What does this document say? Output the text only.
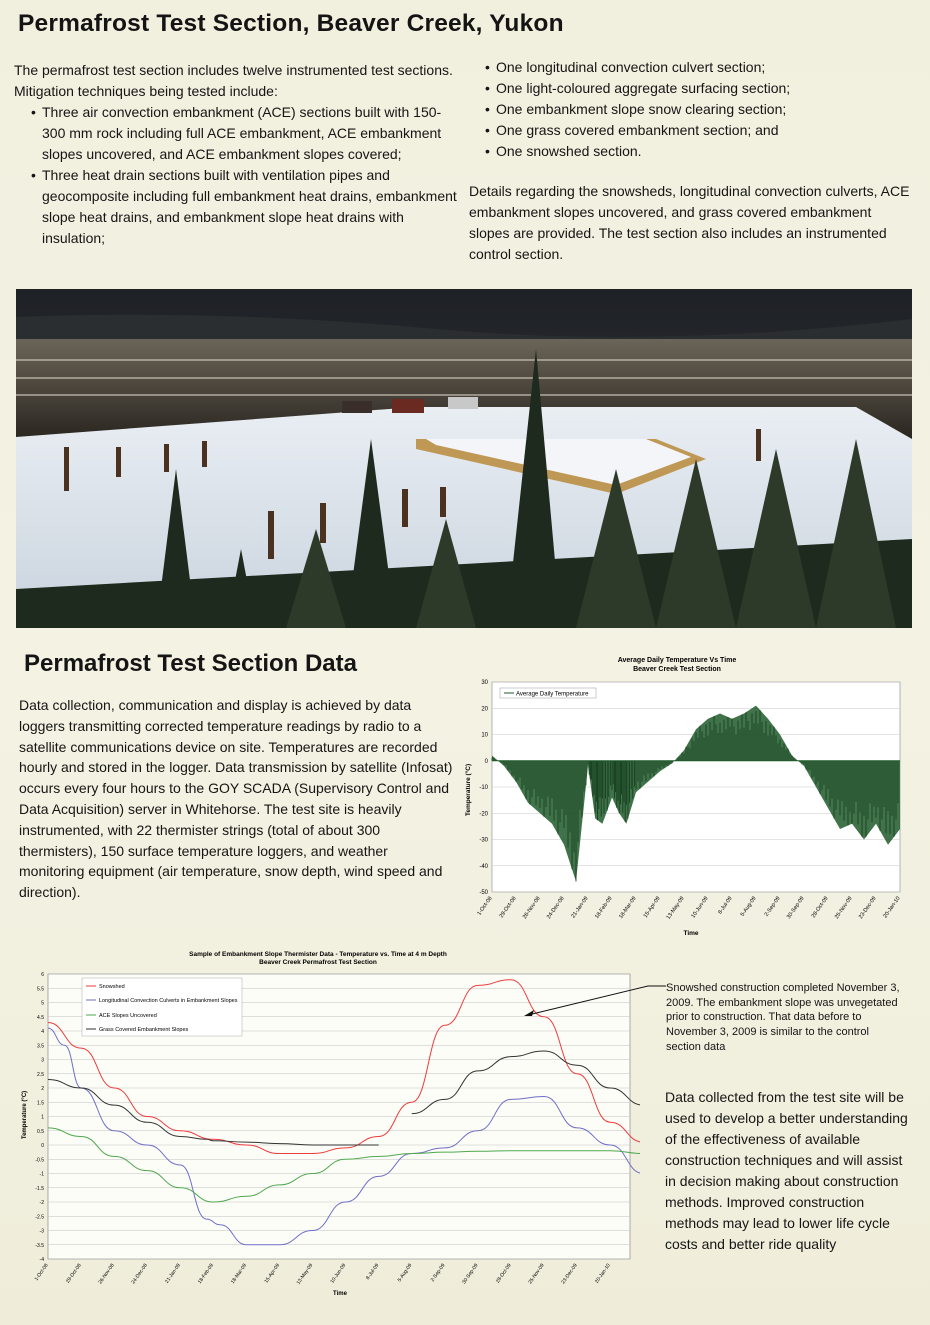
Permafrost Test Section, Beaver Creek, Yukon
The permafrost test section includes twelve instrumented test sections. Mitigation techniques being tested include:
• Three air convection embankment (ACE) sections built with 150-300 mm rock including full ACE embankment, ACE embankment slopes uncovered, and ACE embankment slopes covered;
• Three heat drain sections built with ventilation pipes and geocomposite including full embankment heat drains, embankment slope heat drains, and embankment slope heat drains with insulation;
• One longitudinal convection culvert section;
• One light-coloured aggregate surfacing section;
• One embankment slope snow clearing section;
• One grass covered embankment section; and
• One snowshed section.

Details regarding the snowsheds, longitudinal convection culverts, ACE embankment slopes uncovered, and grass covered embankment slopes are provided. The test section also includes an instrumented control section.

Permafrost Test Section Data

Data collection, communication and display is achieved by data loggers transmitting corrected temperature readings by radio to a satellite communications device on site. Temperatures are recorded hourly and stored in the logger. Data transmission by satellite (Infosat) occurs every four hours to the GOY SCADA (Supervisory Control and Data Acquisition) server in Whitehorse. The test site is heavily instrumented, with 22 thermister strings (total of about 300 thermisters), 150 surface temperature loggers, and weather monitoring equipment (air temperature, snow depth, wind speed and direction).

Average Daily Temperature Vs Time
Beaver Creek Test Section
30
20
10
0
-10
-20
-30
-40
-50
1-Oct-08 29-Oct-08 26-Nov-08 24-Dec-08 21-Jan-09 18-Feb-09 18-Mar-09 15-Apr-09 13-May-09 10-Jun-09 8-Jul-09 5-Aug-09 2-Sep-09 30-Sep-09 28-Oct-09 25-Nov-09 23-Dec-09 20-Jan-10
Average Daily Temperature
Temperature (°C)
Time
Sample of Embankment Slope Thermister Data - Temperature vs. Time at 4 m Depth
Beaver Creek Permafrost Test Section
6
5.5
5
4.5
4
3.5
3
2.5
2
1.5
1
0.5
0
-0.5
-1
-1.5
-2
-2.5
-3
-3.5
-4
1-Oct-08	29-Oct-08	26-Nov-08	24-Dec-08	21-Jan-09	18-Feb-09	18-Mar-09	15-Apr-09	13-May-09	10-Jun-09	8-Jul-09	5-Aug-09	2-Sep-09	30-Sep-09	28-Oct-09	25-Nov-09	23-Dec-09	20-Jan-10
Snowshed
Longitudinal Convection Culverts in Embankment Slopes
ACE Slopes Uncovered
Grass Covered Embankment Slopes
Temperature (°C)
Time

Snowshed construction completed November 3, 2009. The embankment slope was unvegetated prior to construction. That data before to November 3, 2009 is similar to the control section data

Data collected from the test site will be used to develop a better understanding of the effectiveness of available construction techniques and will assist in decision making about construction methods. Improved construction methods may lead to lower life cycle costs and better ride quality
